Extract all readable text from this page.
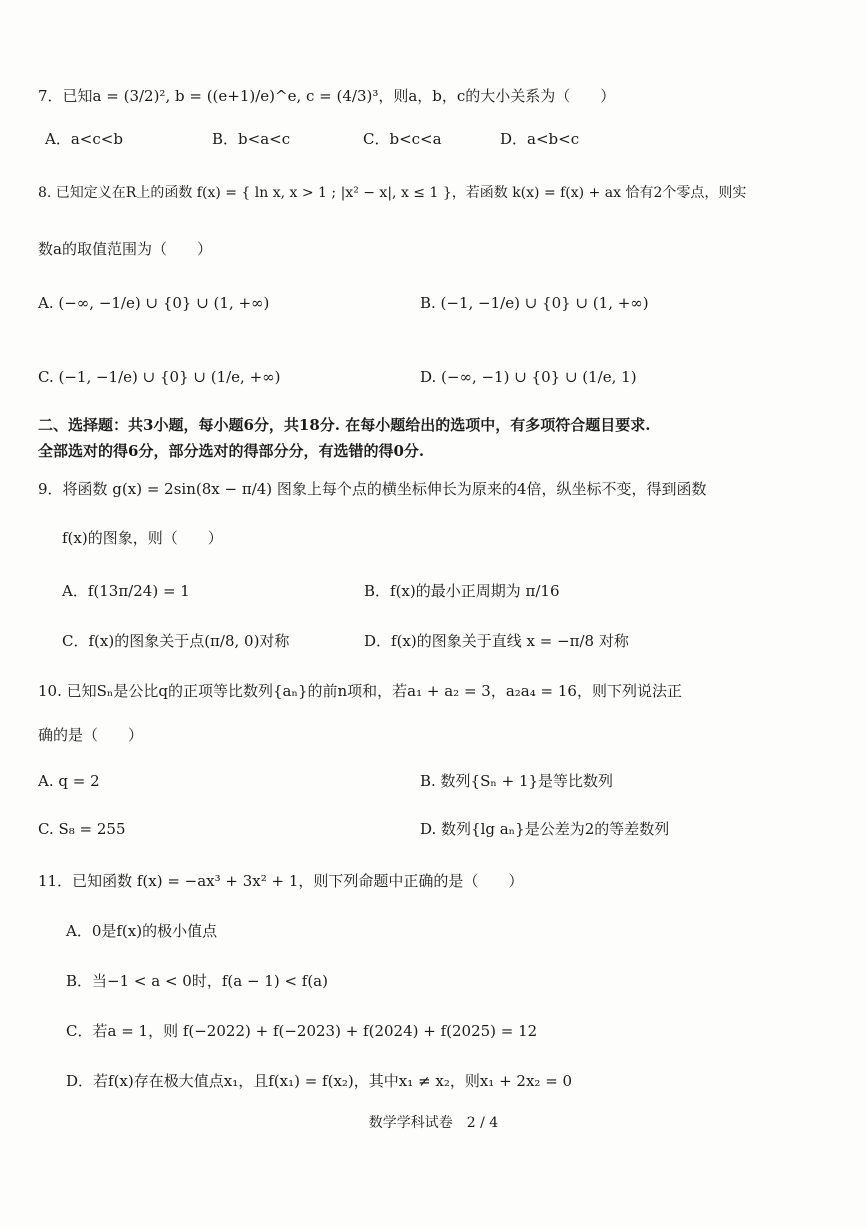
7．已知a = (3/2)², b = ((e+1)/e)^e, c = (4/3)³，则a，b，c的大小关系为（　　）
A．a<c<b	B．b<a<c	C．b<c<a	D．a<b<c
8. 已知定义在R上的函数 f(x) = { ln x, x > 1 ; |x² − x|, x ≤ 1 }，若函数 k(x) = f(x) + ax 恰有2个零点，则实
数a的取值范围为（　　）
A. (−∞, −1/e) ∪ {0} ∪ (1, +∞)	B. (−1, −1/e) ∪ {0} ∪ (1, +∞)
C. (−1, −1/e) ∪ {0} ∪ (1/e, +∞)	D. (−∞, −1) ∪ {0} ∪ (1/e, 1)
二、选择题：共3小题，每小题6分，共18分. 在每小题给出的选项中，有多项符合题目要求.
全部选对的得6分，部分选对的得部分分，有选错的得0分.
9．将函数 g(x) = 2sin(8x − π/4) 图象上每个点的横坐标伸长为原来的4倍，纵坐标不变，得到函数
f(x)的图象，则（　　）
A．f(13π/24) = 1	B．f(x)的最小正周期为 π/16
C．f(x)的图象关于点(π/8, 0)对称	D．f(x)的图象关于直线 x = −π/8 对称
10. 已知Sₙ是公比q的正项等比数列{aₙ}的前n项和，若a₁ + a₂ = 3，a₂a₄ = 16，则下列说法正
确的是（　　）
A. q = 2	B. 数列{Sₙ + 1}是等比数列
C. S₈ = 255	D. 数列{lg aₙ}是公差为2的等差数列
11．已知函数 f(x) = −ax³ + 3x² + 1，则下列命题中正确的是（　　）
A．0是f(x)的极小值点
B．当−1 < a < 0时，f(a − 1) < f(a)
C．若a = 1，则 f(−2022) + f(−2023) + f(2024) + f(2025) = 12
D．若f(x)存在极大值点x₁，且f(x₁) = f(x₂)，其中x₁ ≠ x₂，则x₁ + 2x₂ = 0
数学学科试卷　2 / 4
